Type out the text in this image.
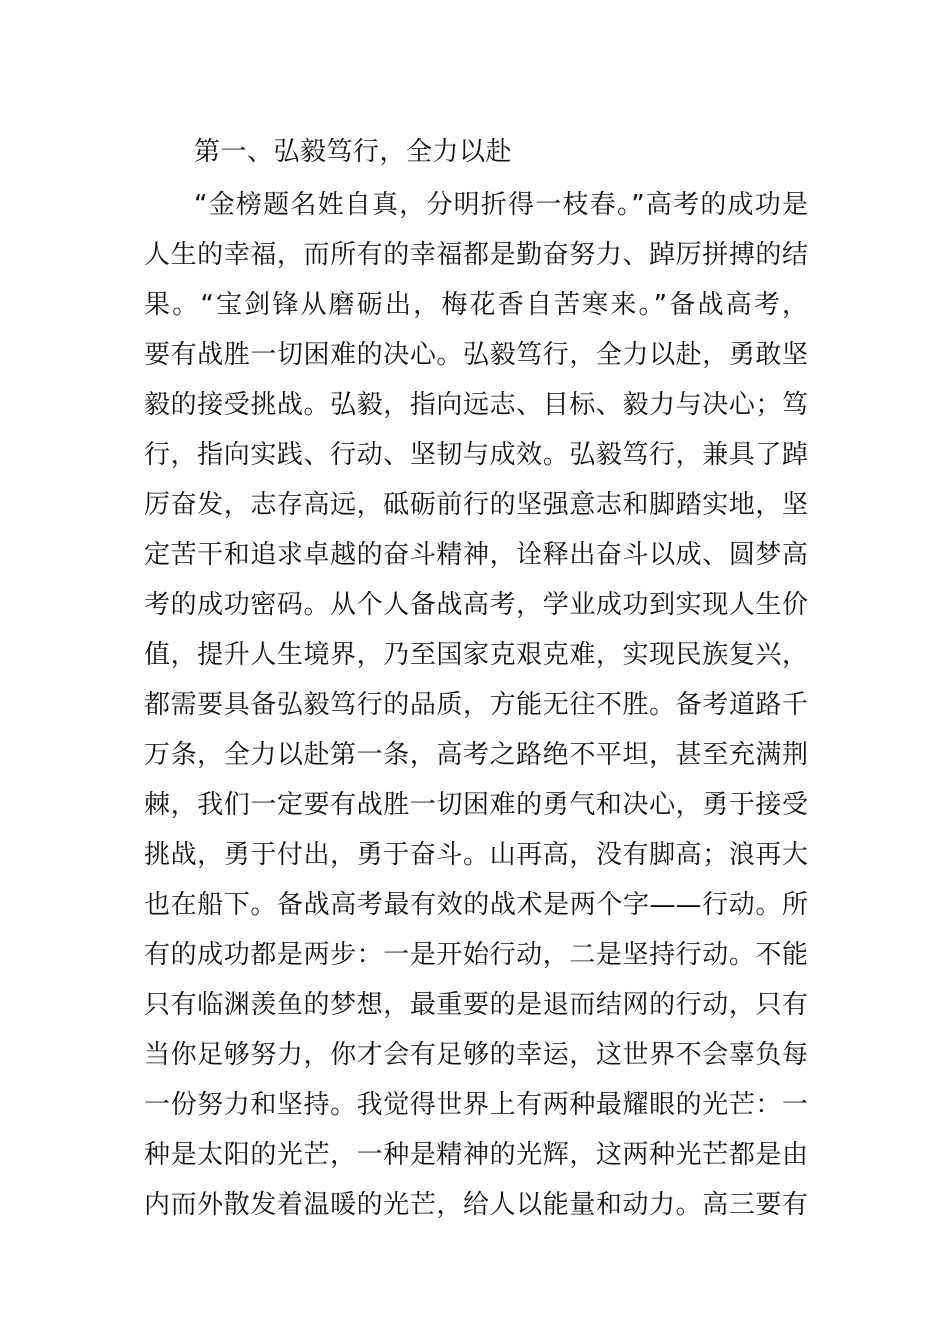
第一、弘毅笃行，全力以赴
“金榜题名姓自真，分明折得一枝春。”高考的成功是
人生的幸福，而所有的幸福都是勤奋努力、踔厉拼搏的结
果。“宝剑锋从磨砺出，梅花香自苦寒来。”备战高考，
要有战胜一切困难的决心。弘毅笃行，全力以赴，勇敢坚
毅的接受挑战。弘毅，指向远志、目标、毅力与决心；笃
行，指向实践、行动、坚韧与成效。弘毅笃行，兼具了踔
厉奋发，志存高远，砥砺前行的坚强意志和脚踏实地，坚
定苦干和追求卓越的奋斗精神，诠释出奋斗以成、圆梦高
考的成功密码。从个人备战高考，学业成功到实现人生价
值，提升人生境界，乃至国家克艰克难，实现民族复兴，
都需要具备弘毅笃行的品质，方能无往不胜。备考道路千
万条，全力以赴第一条，高考之路绝不平坦，甚至充满荆
棘，我们一定要有战胜一切困难的勇气和决心，勇于接受
挑战，勇于付出，勇于奋斗。山再高，没有脚高；浪再大
也在船下。备战高考最有效的战术是两个字——行动。所
有的成功都是两步：一是开始行动，二是坚持行动。不能
只有临渊羡鱼的梦想，最重要的是退而结网的行动，只有
当你足够努力，你才会有足够的幸运，这世界不会辜负每
一份努力和坚持。我觉得世界上有两种最耀眼的光芒：一
种是太阳的光芒，一种是精神的光辉，这两种光芒都是由
内而外散发着温暖的光芒，给人以能量和动力。高三要有
